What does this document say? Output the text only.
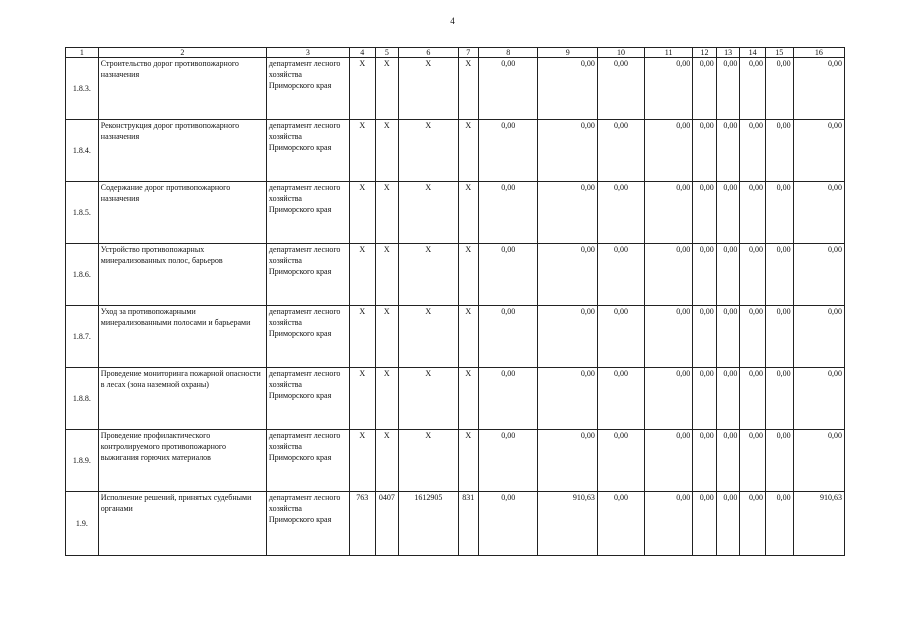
4
1	2	3	4	5	6	7	8	9	10	11	12	13	14	15	16
1.8.3.	Строительство дорог противопожарного назначения	департамент лесного хозяйства Приморского края	X	X	X	X	0,00	0,00	0,00	0,00	0,00	0,00	0,00	0,00	0,00
1.8.4.	Реконструкция дорог противопожарного назначения	департамент лесного хозяйства Приморского края	X	X	X	X	0,00	0,00	0,00	0,00	0,00	0,00	0,00	0,00	0,00
1.8.5.	Содержание дорог противопожарного назначения	департамент лесного хозяйства Приморского края	X	X	X	X	0,00	0,00	0,00	0,00	0,00	0,00	0,00	0,00	0,00
1.8.6.	Устройство противопожарных минерализованных полос, барьеров	департамент лесного хозяйства Приморского края	X	X	X	X	0,00	0,00	0,00	0,00	0,00	0,00	0,00	0,00	0,00
1.8.7.	Уход за противопожарными минерализованными полосами и барьерами	департамент лесного хозяйства Приморского края	X	X	X	X	0,00	0,00	0,00	0,00	0,00	0,00	0,00	0,00	0,00
1.8.8.	Проведение мониторинга пожарной опасности в лесах (зона наземной охраны)	департамент лесного хозяйства Приморского края	X	X	X	X	0,00	0,00	0,00	0,00	0,00	0,00	0,00	0,00	0,00
1.8.9.	Проведение профилактического контролируемого противопожарного выжигания горючих материалов	департамент лесного хозяйства Приморского края	X	X	X	X	0,00	0,00	0,00	0,00	0,00	0,00	0,00	0,00	0,00
1.9.	Исполнение решений, принятых судебными органами	департамент лесного хозяйства Приморского края	763	0407	1612905	831	0,00	910,63	0,00	0,00	0,00	0,00	0,00	0,00	910,63
